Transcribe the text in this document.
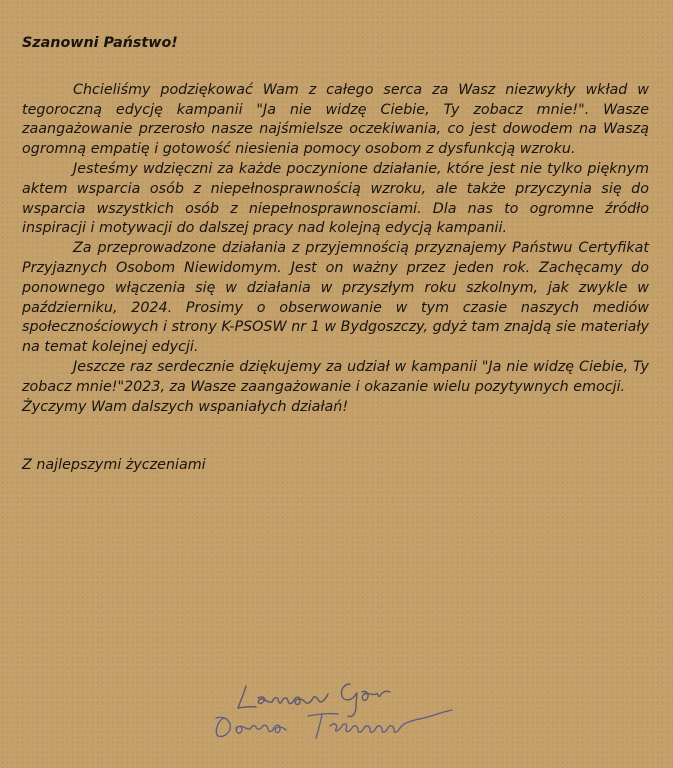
Szanowni Państwo!

Chcieliśmy podziękować Wam z całego serca za Wasz niezwykły wkład w tegoroczną edycję kampanii "Ja nie widzę Ciebie, Ty zobacz mnie!". Wasze zaangażowanie przerosło nasze najśmielsze oczekiwania, co jest dowodem na Waszą ogromną empatię i gotowość niesienia pomocy osobom z dysfunkcją wzroku.

Jesteśmy wdzięczni za każde poczynione działanie, które jest nie tylko pięknym aktem wsparcia osób z niepełnosprawnością wzroku, ale także przyczynia się do wsparcia wszystkich osób z niepełnosprawnosciami. Dla nas to ogromne źródło inspiracji i motywacji do dalszej pracy nad kolejną edycją kampanii.

Za przeprowadzone działania z przyjemnością przyznajemy Państwu Certyfikat Przyjaznych Osobom Niewidomym. Jest on ważny przez jeden rok. Zachęcamy do ponownego włączenia się w działania w przyszłym roku szkolnym, jak zwykle w październiku, 2024. Prosimy o obserwowanie w tym czasie naszych mediów społecznościowych i strony K-PSOSW nr 1 w Bydgoszczy, gdyż tam znajdą sie materiały na temat kolejnej edycji.

Jeszcze raz serdecznie dziękujemy za udział w kampanii "Ja nie widzę Ciebie, Ty zobacz mnie!"2023, za Wasze zaangażowanie i okazanie wielu pozytywnych emocji.

Życzymy Wam dalszych wspaniałych działań!

Z najlepszymi życzeniami
